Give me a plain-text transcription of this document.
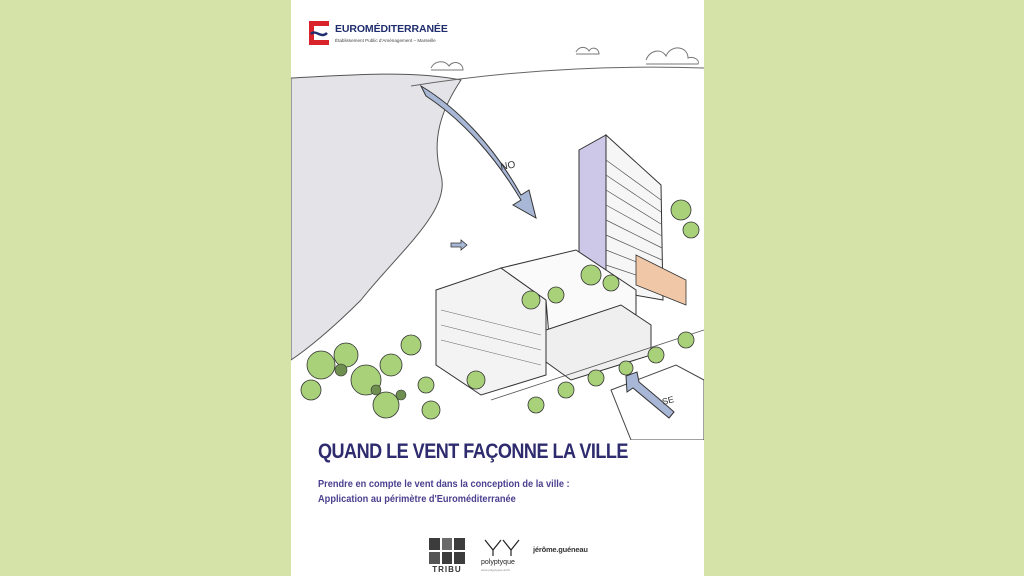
NO
SE
EUROMÉDITERRANÉE
Établissement Public d'Aménagement – Marseille
QUAND LE VENT FAÇONNE LA VILLE
Prendre en compte le vent dans la conception de la ville :
Application au périmètre d'Euroméditerranée
TRIBU
polyptyque
www.polyptyque.archi
jérôme.guéneau
